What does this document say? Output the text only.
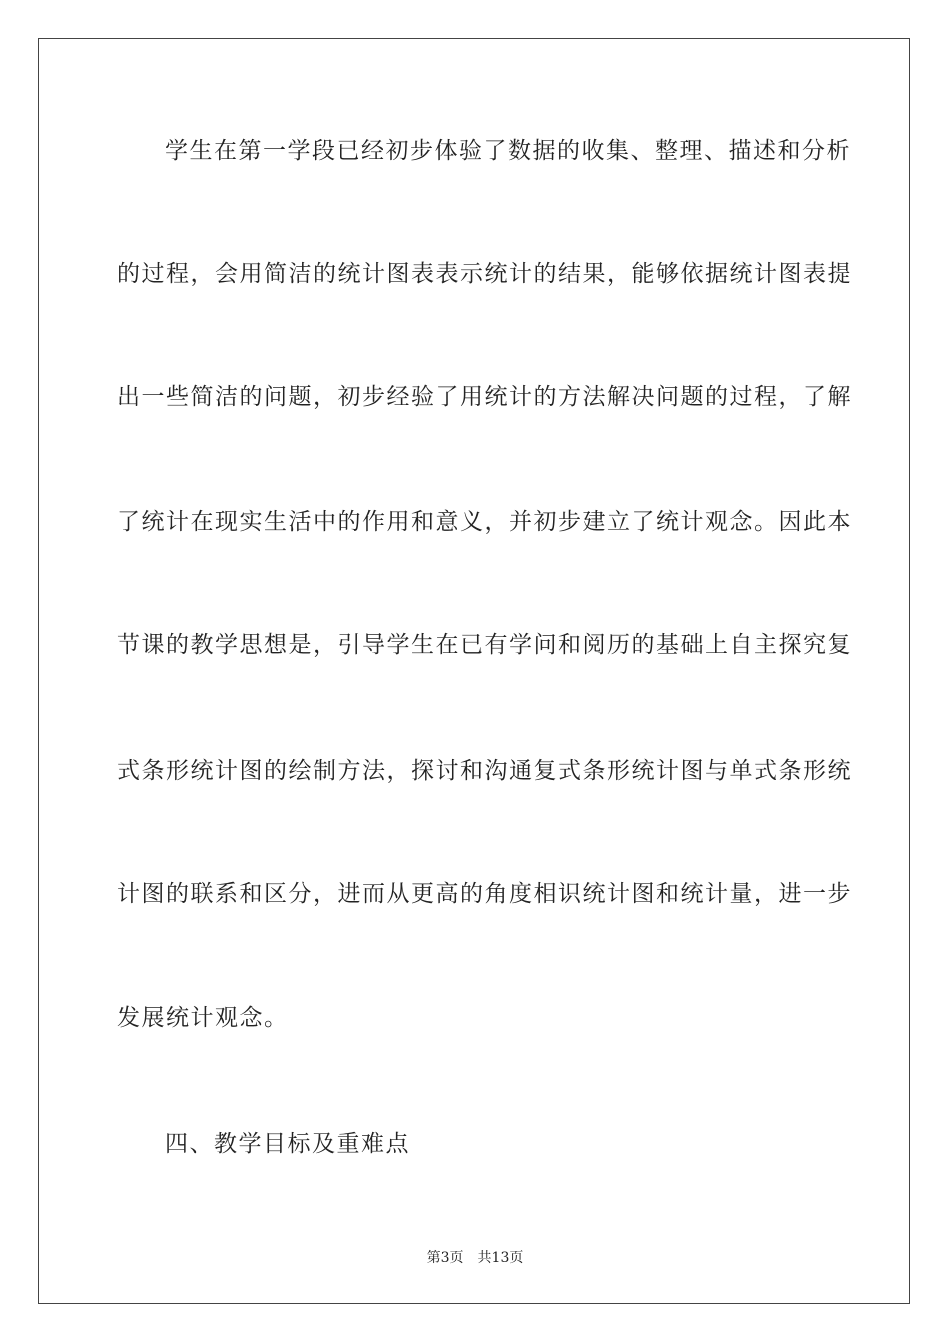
学生在第一学段已经初步体验了数据的收集、整理、描述和分析
的过程，会用简洁的统计图表表示统计的结果，能够依据统计图表提
出一些简洁的问题，初步经验了用统计的方法解决问题的过程，了解
了统计在现实生活中的作用和意义，并初步建立了统计观念。因此本
节课的教学思想是，引导学生在已有学问和阅历的基础上自主探究复
式条形统计图的绘制方法，探讨和沟通复式条形统计图与单式条形统
计图的联系和区分，进而从更高的角度相识统计图和统计量，进一步
发展统计观念。
四、教学目标及重难点
第3页 共13页
